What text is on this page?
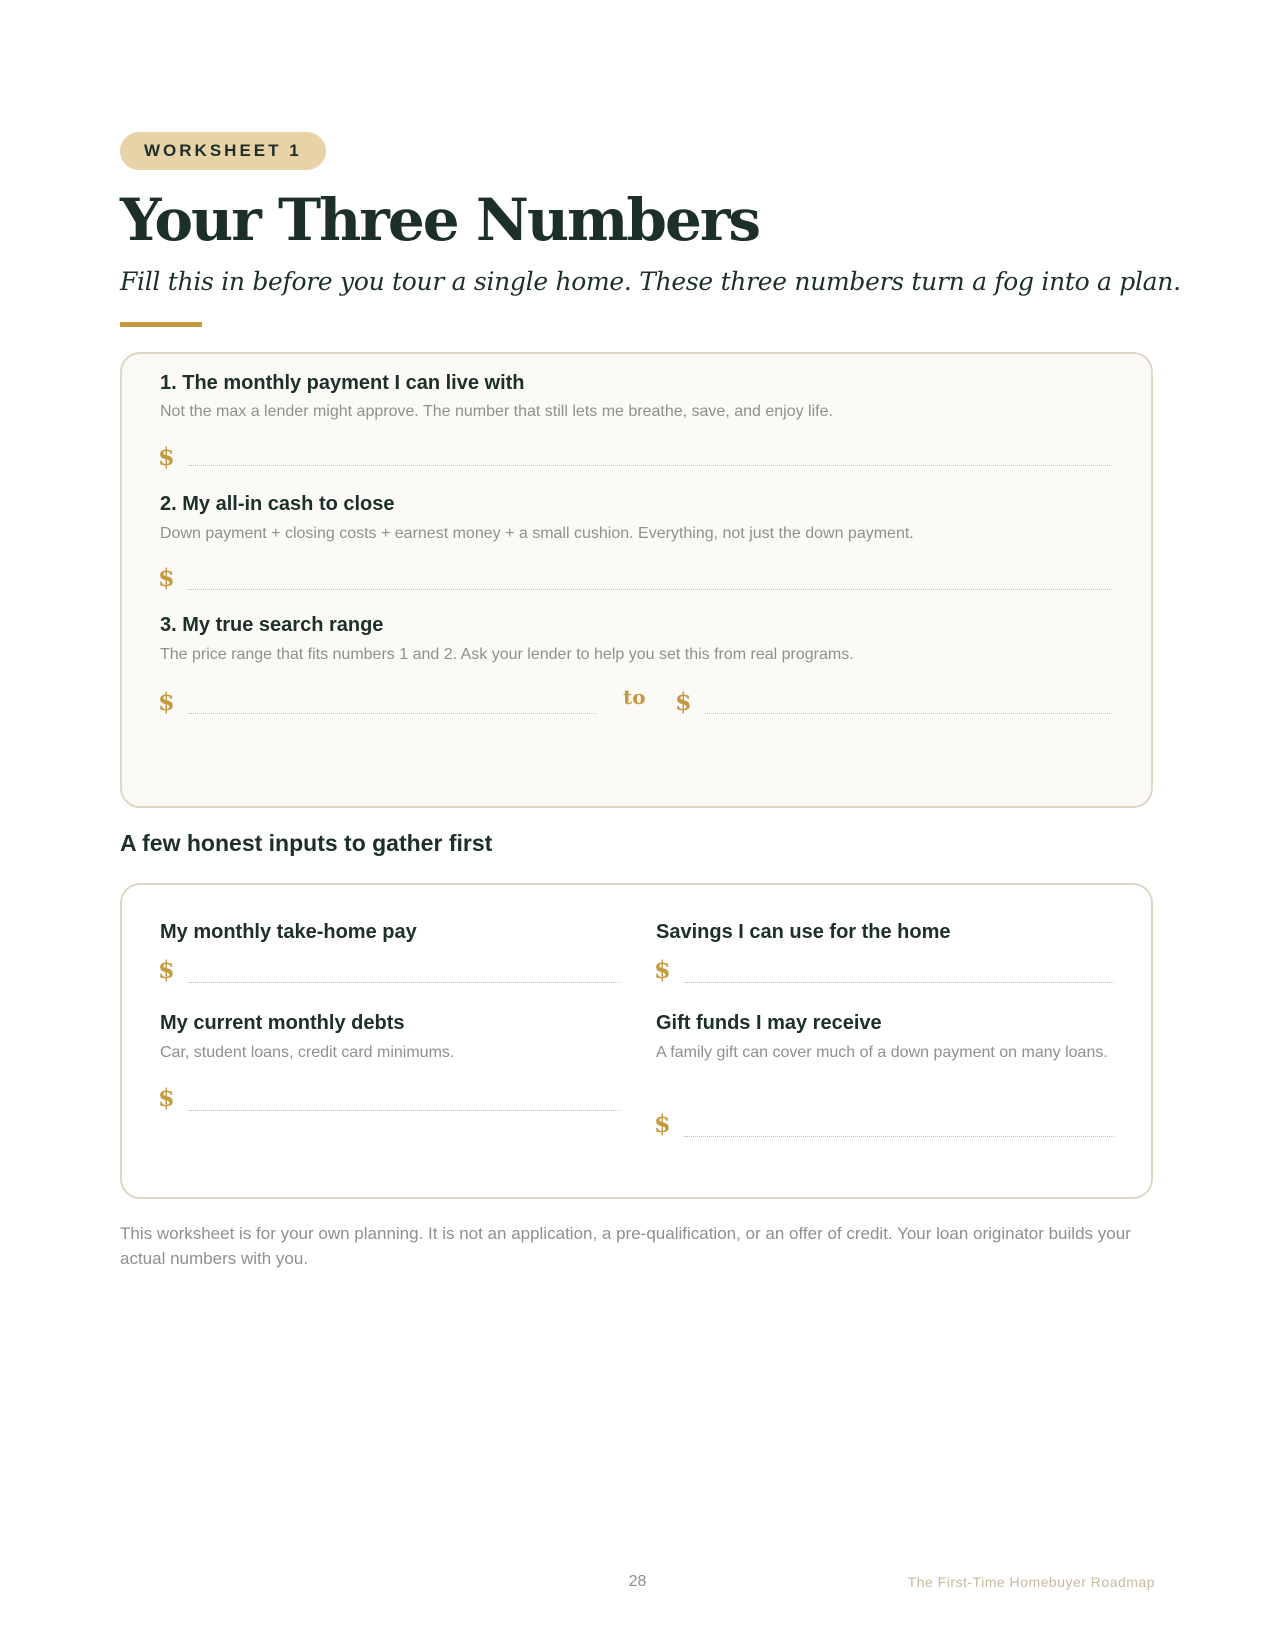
WORKSHEET 1
Your Three Numbers

Fill this in before you tour a single home. These three numbers turn a fog into a plan.

1. The monthly payment I can live with
Not the max a lender might approve. The number that still lets me breathe, save, and enjoy life.
$
2. My all-in cash to close
Down payment + closing costs + earnest money + a small cushion. Everything, not just the down payment.
$
3. My true search range
The price range that fits numbers 1 and 2. Ask your lender to help you set this from real programs.
$	to $
A few honest inputs to gather first
My monthly take-home pay
$
Savings I can use for the home
$
My current monthly debts
Car, student loans, credit card minimums.
$
Gift funds I may receive
A family gift can cover much of a down payment on many loans.
$

This worksheet is for your own planning. It is not an application, a pre-qualification, or an offer of credit. Your loan originator builds your actual numbers with you.

28	The First-Time Homebuyer Roadmap
